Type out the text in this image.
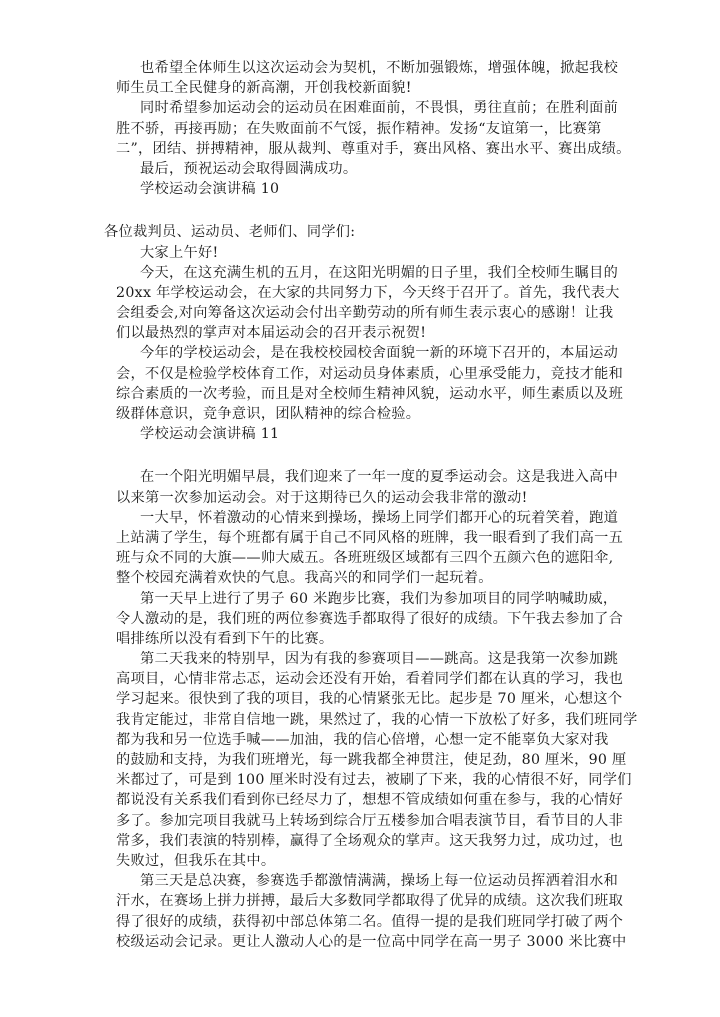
也希望全体师生以这次运动会为契机，不断加强锻炼，增强体魄，掀起我校
师生员工全民健身的新高潮，开创我校新面貌!
同时希望参加运动会的运动员在困难面前，不畏惧，勇往直前；在胜利面前
胜不骄，再接再励；在失败面前不气馁，振作精神。发扬“友谊第一，比赛第
二”，团结、拼搏精神，服从裁判、尊重对手，赛出风格、赛出水平、赛出成绩。
最后，预祝运动会取得圆满成功。
学校运动会演讲稿 10
各位裁判员、运动员、老师们、同学们:
大家上午好!
今天，在这充满生机的五月，在这阳光明媚的日子里，我们全校师生瞩目的
20xx 年学校运动会，在大家的共同努力下，今天终于召开了。首先，我代表大
会组委会,对向筹备这次运动会付出辛勤劳动的所有师生表示衷心的感谢！让我
们以最热烈的掌声对本届运动会的召开表示祝贺!
今年的学校运动会，是在我校校园校舍面貌一新的环境下召开的，本届运动
会，不仅是检验学校体育工作，对运动员身体素质，心里承受能力，竞技才能和
综合素质的一次考验，而且是对全校师生精神风貌，运动水平，师生素质以及班
级群体意识，竞争意识，团队精神的综合检验。
学校运动会演讲稿 11
在一个阳光明媚早晨，我们迎来了一年一度的夏季运动会。这是我进入高中
以来第一次参加运动会。对于这期待已久的运动会我非常的激动!
一大早，怀着激动的心情来到操场，操场上同学们都开心的玩着笑着，跑道
上站满了学生，每个班都有属于自己不同风格的班牌，我一眼看到了我们高一五
班与众不同的大旗——帅大威五。各班班级区域都有三四个五颜六色的遮阳伞,
整个校园充满着欢快的气息。我高兴的和同学们一起玩着。
第一天早上进行了男子 60 米跑步比赛，我们为参加项目的同学呐喊助威，
令人激动的是，我们班的两位参赛选手都取得了很好的成绩。下午我去参加了合
唱排练所以没有看到下午的比赛。
第二天我来的特别早，因为有我的参赛项目——跳高。这是我第一次参加跳
高项目，心情非常忐忑，运动会还没有开始，看着同学们都在认真的学习，我也
学习起来。很快到了我的项目，我的心情紧张无比。起步是 70 厘米，心想这个
我肯定能过，非常自信地一跳，果然过了，我的心情一下放松了好多，我们班同学
都为我和另一位选手喊——加油，我的信心倍增，心想一定不能辜负大家对我
的鼓励和支持，为我们班增光，每一跳我都全神贯注，使足劲，80 厘米，90 厘
米都过了，可是到 100 厘米时没有过去，被刷了下来，我的心情很不好，同学们
都说没有关系我们看到你已经尽力了，想想不管成绩如何重在参与，我的心情好
多了。参加完项目我就马上转场到综合厅五楼参加合唱表演节目，看节目的人非
常多，我们表演的特别棒，赢得了全场观众的掌声。这天我努力过，成功过，也
失败过，但我乐在其中。
第三天是总决赛，参赛选手都激情满满，操场上每一位运动员挥洒着泪水和
汗水，在赛场上拼力拼搏，最后大多数同学都取得了优异的成绩。这次我们班取
得了很好的成绩，获得初中部总体第二名。值得一提的是我们班同学打破了两个
校级运动会记录。更让人激动人心的是一位高中同学在高一男子 3000 米比赛中
